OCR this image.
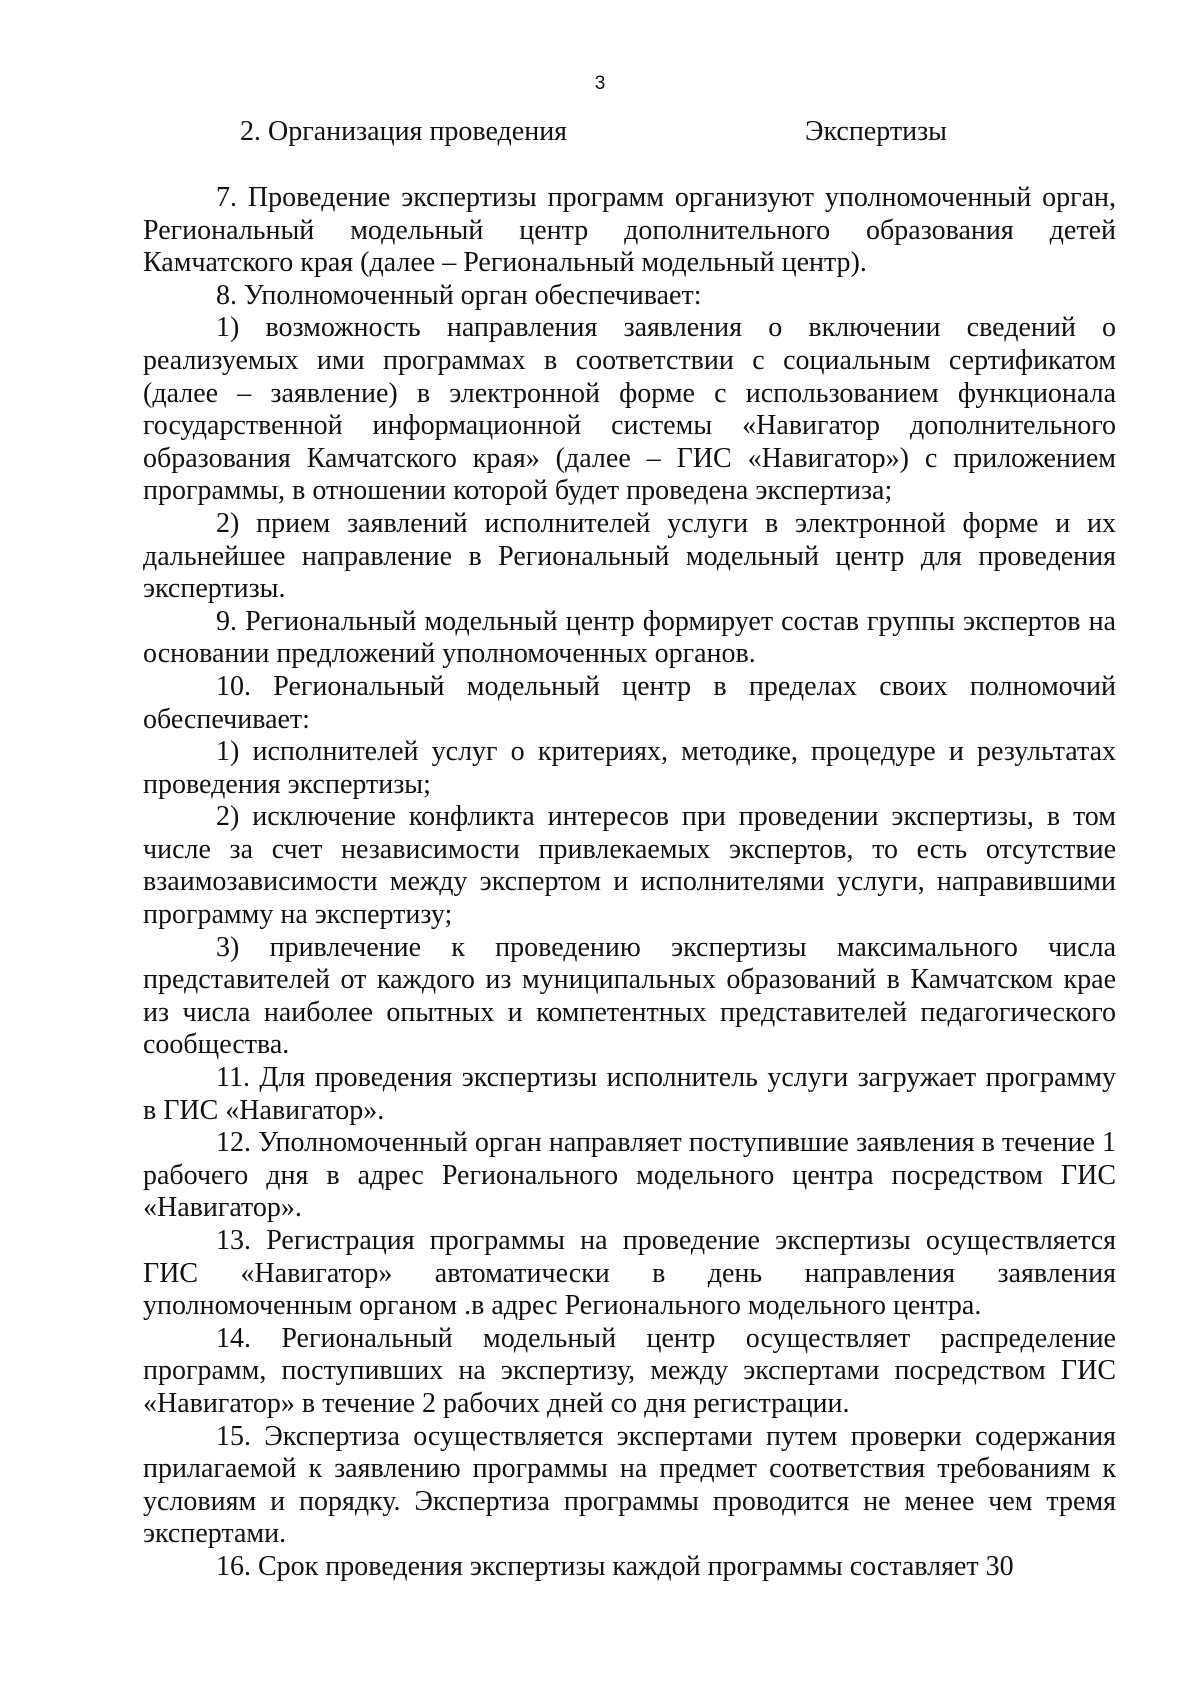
3
2. Организация проведения	Экспертизы

7. Проведение экспертизы программ организуют уполномоченный орган, Региональный модельный центр дополнительного образования детей Камчатского края (далее – Региональный модельный центр).

8. Уполномоченный орган обеспечивает:

1) возможность направления заявления о включении сведений о реализуемых ими программах в соответствии с социальным сертификатом (далее – заявление) в электронной форме с использованием функционала государственной информационной системы «Навигатор дополнительного образования Камчатского края» (далее – ГИС «Навигатор») с приложением программы, в отношении которой будет проведена экспертиза;

2) прием заявлений исполнителей услуги в электронной форме и их дальнейшее направление в Региональный модельный центр для проведения экспертизы.

9. Региональный модельный центр формирует состав группы экспертов на основании предложений уполномоченных органов.

10. Региональный модельный центр в пределах своих полномочий обеспечивает:

1) исполнителей услуг о критериях, методике, процедуре и результатах проведения экспертизы;

2) исключение конфликта интересов при проведении экспертизы, в том числе за счет независимости привлекаемых экспертов, то есть отсутствие взаимозависимости между экспертом и исполнителями услуги, направившими программу на экспертизу;

3) привлечение к проведению экспертизы максимального числа представителей от каждого из муниципальных образований в Камчатском крае из числа наиболее опытных и компетентных представителей педагогического сообщества.

11. Для проведения экспертизы исполнитель услуги загружает программу в ГИС «Навигатор».

12. Уполномоченный орган направляет поступившие заявления в течение 1 рабочего дня в адрес Регионального модельного центра посредством ГИС «Навигатор».

13. Регистрация программы на проведение экспертизы осуществляется ГИС «Навигатор» автоматически в день направления заявления уполномоченным органом .в адрес Регионального модельного центра.

14. Региональный модельный центр осуществляет распределение программ, поступивших на экспертизу, между экспертами посредством ГИС «Навигатор» в течение 2 рабочих дней со дня регистрации.

15. Экспертиза осуществляется экспертами путем проверки содержания прилагаемой к заявлению программы на предмет соответствия требованиям к условиям и порядку. Экспертиза программы проводится не менее чем тремя экспертами.

16. Срок проведения экспертизы каждой программы составляет 30
